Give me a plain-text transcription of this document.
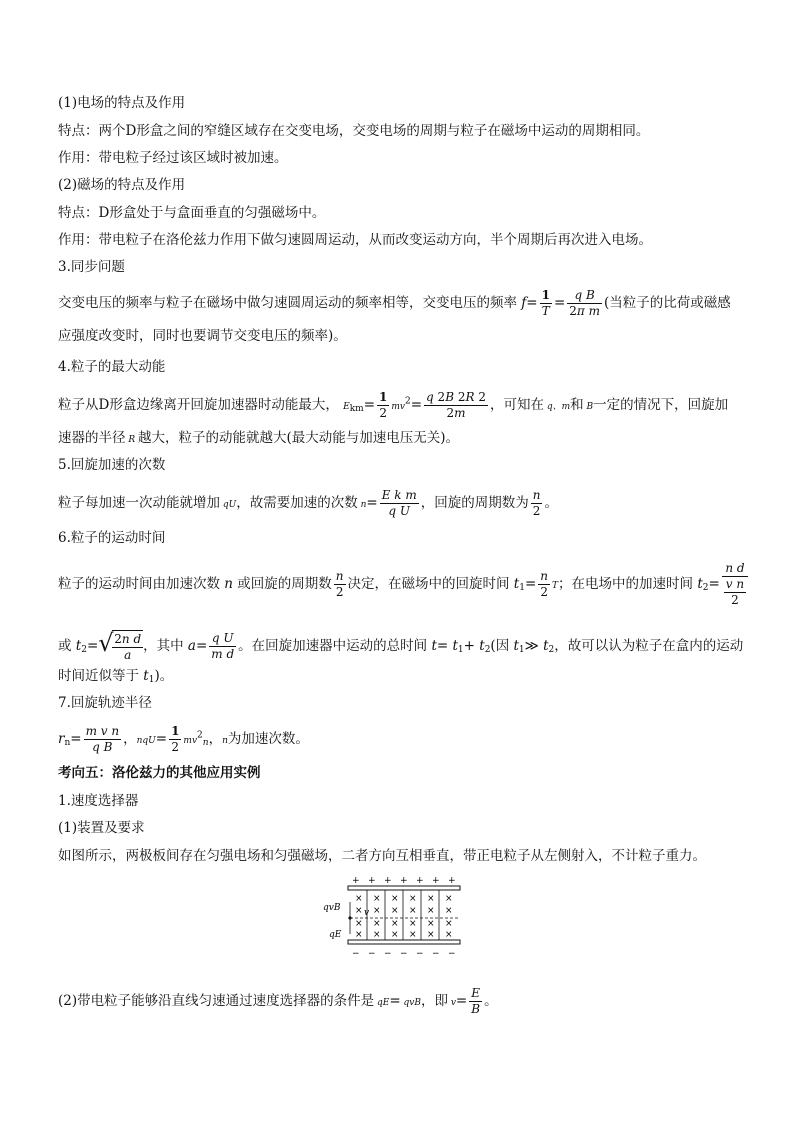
(1)电场的特点及作用
特点：两个D形盒之间的窄缝区域存在交变电场，交变电场的周期与粒子在磁场中运动的周期相同。
作用：带电粒子经过该区域时被加速。
(2)磁场的特点及作用
特点：D形盒处于与盒面垂直的匀强磁场中。
作用：带电粒子在洛伦兹力作用下做匀速圆周运动，从而改变运动方向，半个周期后再次进入电场。
3.同步问题
交变电压的频率与粒子在磁场中做匀速圆周运动的频率相等，交变电压的频率 $f= \frac{1}{T} = \frac{\text{q B}}{\text{2π m}}$ (当粒子的比荷或磁感
应强度改变时，同时也要调节交变电压的频率)。
4.粒子的最大动能
粒子从D形盒边缘离开回旋加速器时动能最大， $E_{km}= \frac{1}{2} mv^2= \frac{q 2B 2R 2}{2m}$ ，可知在 q、m和 B一定的情况下，回旋加
速器的半径 R 越大，粒子的动能就越大(最大动能与加速电压无关)。
5.回旋加速的次数
粒子每加速一次动能就增加 qU，故需要加速的次数 $n= \frac{\text{E k m}}{\text{q U}}$ ，回旋的周期数为 $\frac{n}{2}$ 。
6.粒子的运动时间
粒子的运动时间由加速次数 n 或回旋的周期数 $\frac{n}{2}$ 决定，在磁场中的回旋时间 $t_1= \frac{n}{2}$ T；在电场中的加速时间 $t_2= \frac{\text{n d}}{\frac{\text{v n}}{2}}$
或 $t_2=$ √
$\frac{\text{2n d}}{a}$ ，其中 $a= \frac{\text{q U}}{\text{m d}}$ 。在回旋加速器中运动的总时间 $t= t_1+ t_2$(因 $t_1≫$ $t_2$，故可以认为粒子在盒内的运动
时间近似等于 $t_1$)。
7.回旋轨迹半径
$r_n= \frac{\text{m v n}}{\text{q B}}$ ，$nqU= \frac{1}{2} mv^2_n$，n为加速次数。
考向五：洛伦兹力的其他应用实例
1.速度选择器
(1)装置及要求
如图所示，两极板间存在匀强电场和匀强磁场，二者方向互相垂直，带正电粒子从左侧射入，不计粒子重力。
+ + + + + + +
× × × × × ×
× × × × × ×
× × × × × ×
× × × × × ×
− − − − − − −
qvB	v
qE
(2)带电粒子能够沿直线匀速通过速度选择器的条件是 qE= qvB，即 $v= \frac{E}{B}$ 。
